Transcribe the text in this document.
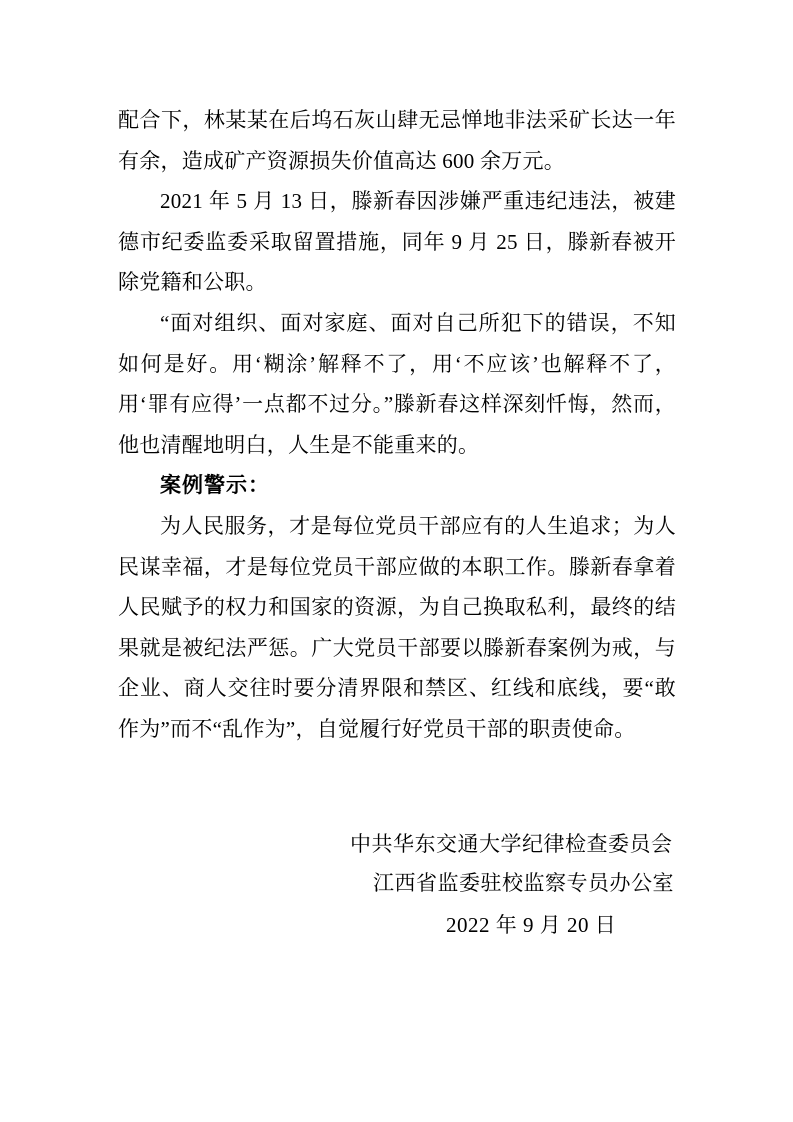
配合下，林某某在后坞石灰山肆无忌惮地非法采矿长达一年
有余，造成矿产资源损失价值高达 600 余万元。
2021 年 5 月 13 日，滕新春因涉嫌严重违纪违法，被建
德市纪委监委采取留置措施，同年 9 月 25 日，滕新春被开
除党籍和公职。
“面对组织、面对家庭、面对自己所犯下的错误，不知
如何是好。用‘糊涂’解释不了，用‘不应该’也解释不了，
用‘罪有应得’一点都不过分。”滕新春这样深刻忏悔，然而，
他也清醒地明白，人生是不能重来的。
案例警示：
为人民服务，才是每位党员干部应有的人生追求；为人
民谋幸福，才是每位党员干部应做的本职工作。滕新春拿着
人民赋予的权力和国家的资源，为自己换取私利，最终的结
果就是被纪法严惩。广大党员干部要以滕新春案例为戒，与
企业、商人交往时要分清界限和禁区、红线和底线，要“敢
作为”而不“乱作为”，自觉履行好党员干部的职责使命。
中共华东交通大学纪律检查委员会
江西省监委驻校监察专员办公室
2022 年 9 月 20 日
